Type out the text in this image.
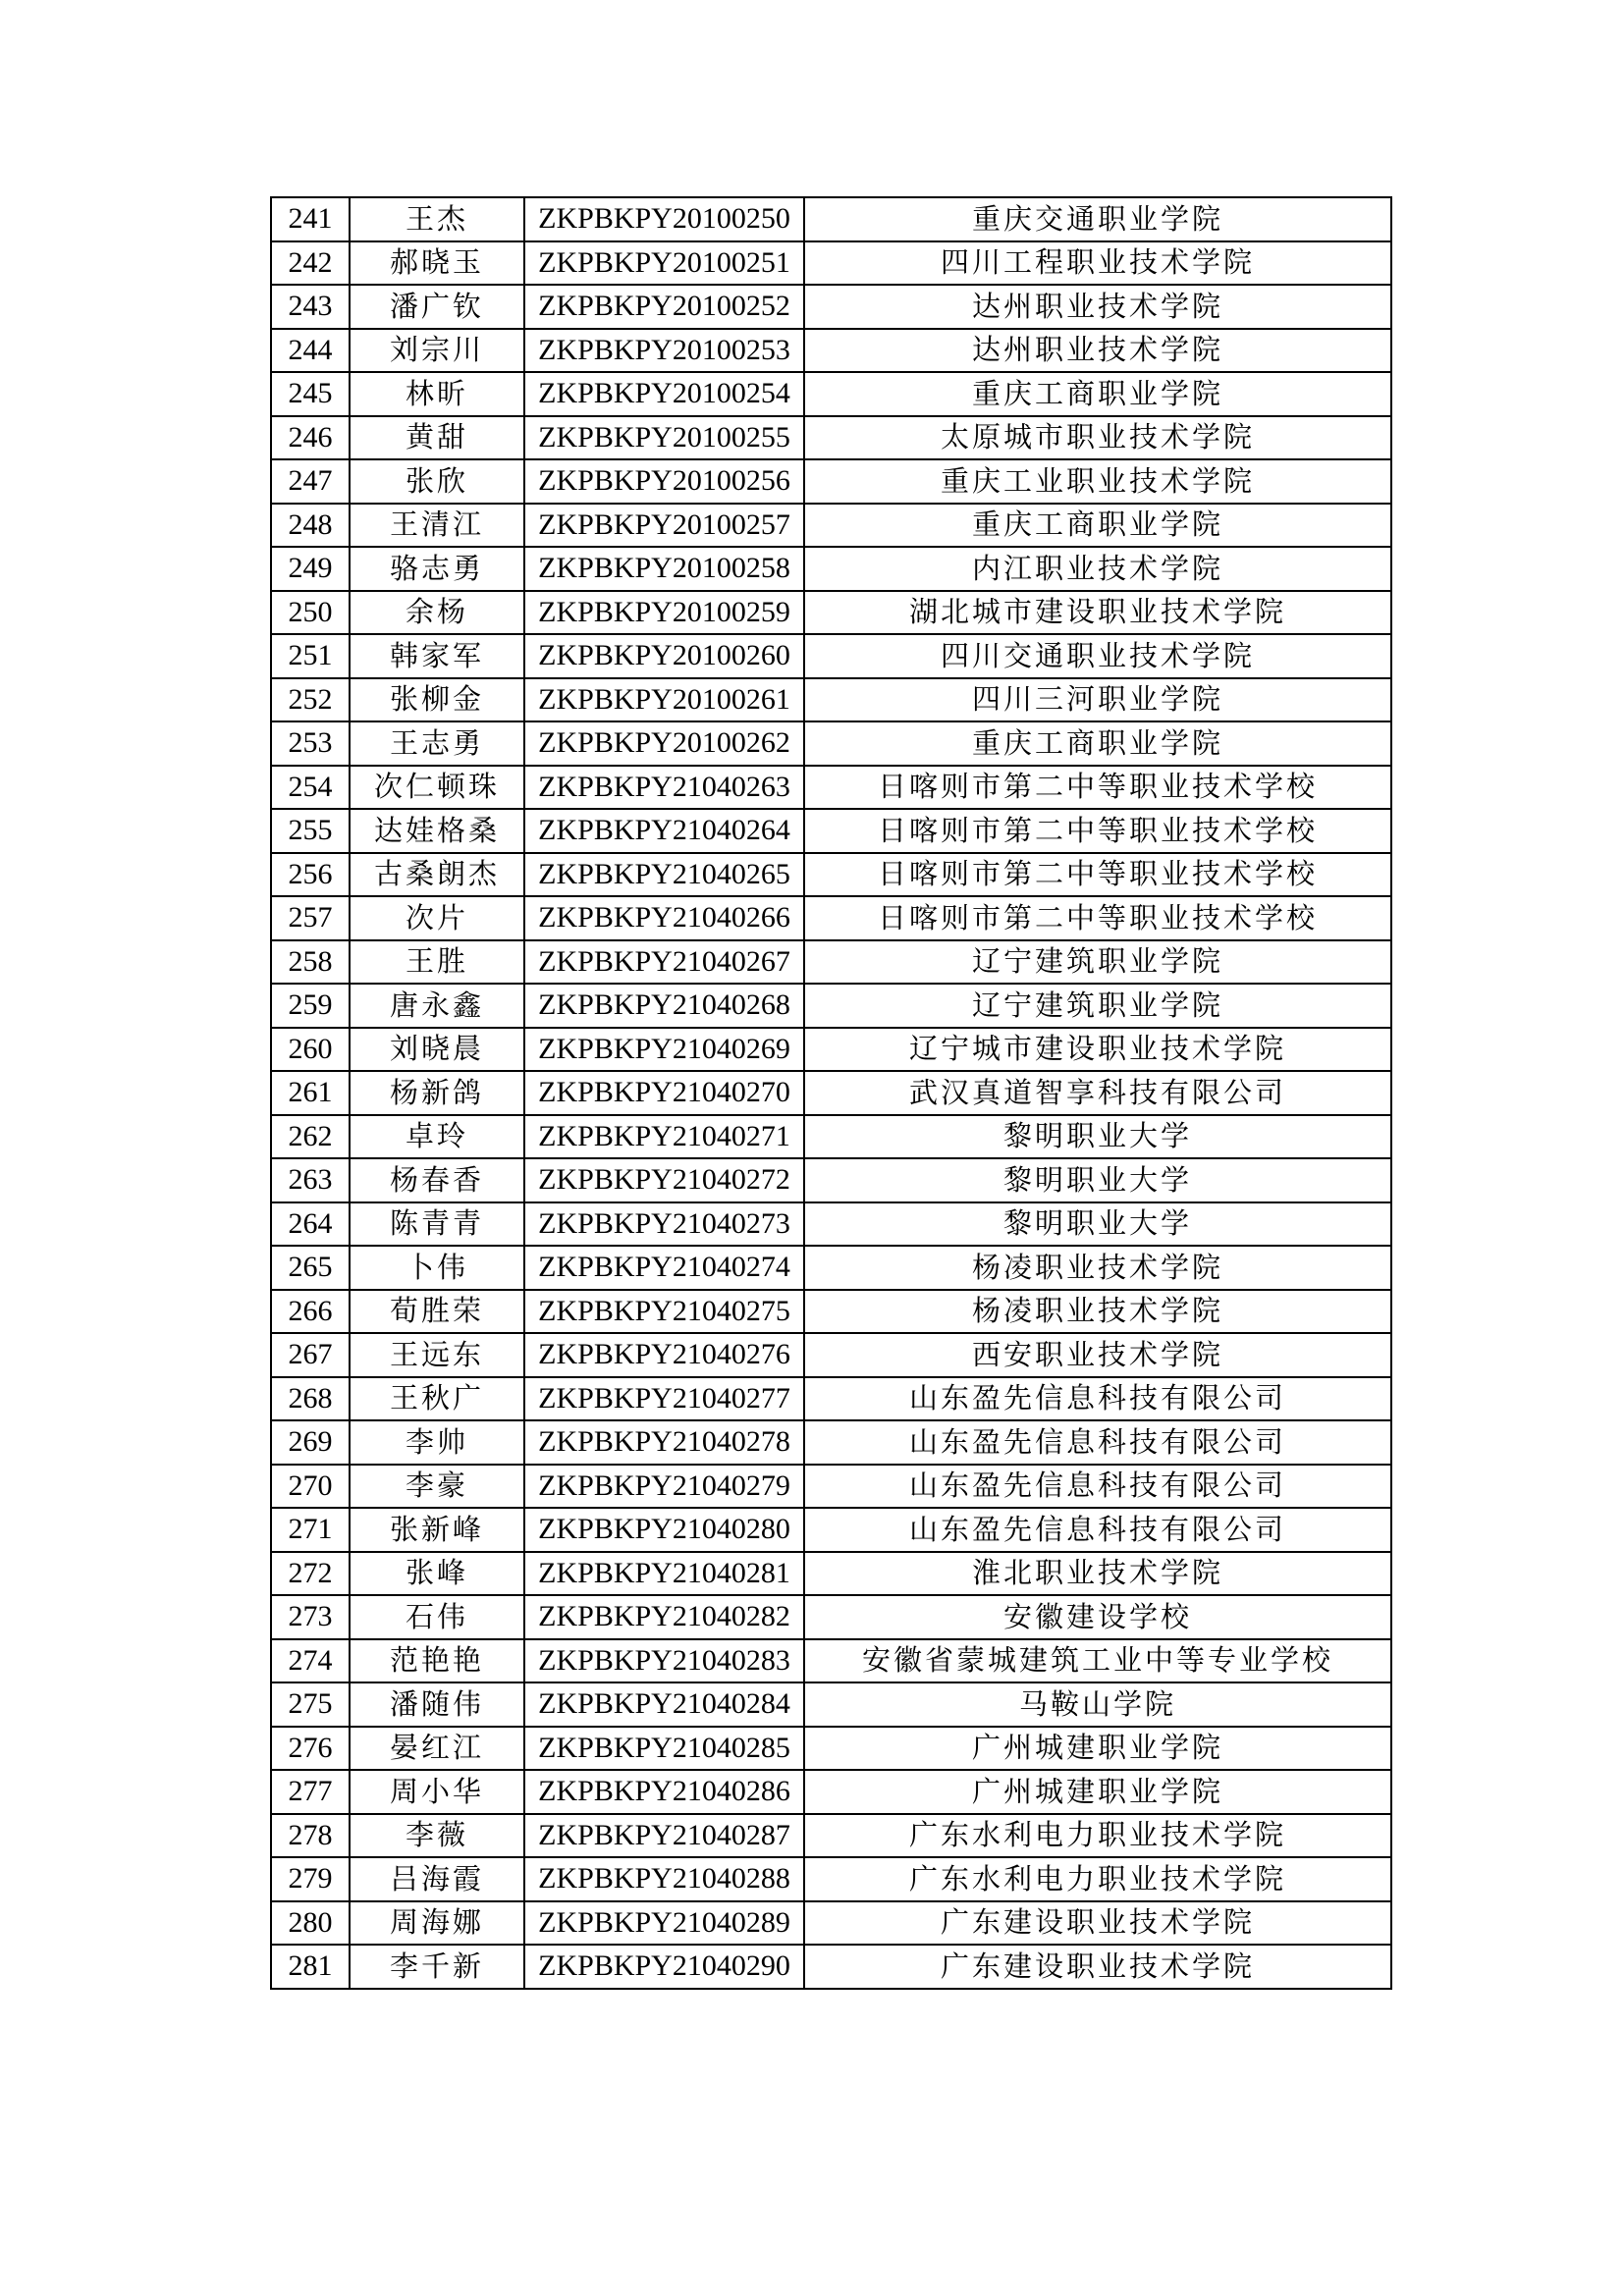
241	王杰	ZKPBKPY20100250	重庆交通职业学院
242	郝晓玉	ZKPBKPY20100251	四川工程职业技术学院
243	潘广钦	ZKPBKPY20100252	达州职业技术学院
244	刘宗川	ZKPBKPY20100253	达州职业技术学院
245	林昕	ZKPBKPY20100254	重庆工商职业学院
246	黄甜	ZKPBKPY20100255	太原城市职业技术学院
247	张欣	ZKPBKPY20100256	重庆工业职业技术学院
248	王清江	ZKPBKPY20100257	重庆工商职业学院
249	骆志勇	ZKPBKPY20100258	内江职业技术学院
250	余杨	ZKPBKPY20100259	湖北城市建设职业技术学院
251	韩家军	ZKPBKPY20100260	四川交通职业技术学院
252	张柳金	ZKPBKPY20100261	四川三河职业学院
253	王志勇	ZKPBKPY20100262	重庆工商职业学院
254	次仁顿珠	ZKPBKPY21040263	日喀则市第二中等职业技术学校
255	达娃格桑	ZKPBKPY21040264	日喀则市第二中等职业技术学校
256	古桑朗杰	ZKPBKPY21040265	日喀则市第二中等职业技术学校
257	次片	ZKPBKPY21040266	日喀则市第二中等职业技术学校
258	王胜	ZKPBKPY21040267	辽宁建筑职业学院
259	唐永鑫	ZKPBKPY21040268	辽宁建筑职业学院
260	刘晓晨	ZKPBKPY21040269	辽宁城市建设职业技术学院
261	杨新鸽	ZKPBKPY21040270	武汉真道智享科技有限公司
262	卓玲	ZKPBKPY21040271	黎明职业大学
263	杨春香	ZKPBKPY21040272	黎明职业大学
264	陈青青	ZKPBKPY21040273	黎明职业大学
265	卜伟	ZKPBKPY21040274	杨凌职业技术学院
266	荀胜荣	ZKPBKPY21040275	杨凌职业技术学院
267	王远东	ZKPBKPY21040276	西安职业技术学院
268	王秋广	ZKPBKPY21040277	山东盈先信息科技有限公司
269	李帅	ZKPBKPY21040278	山东盈先信息科技有限公司
270	李豪	ZKPBKPY21040279	山东盈先信息科技有限公司
271	张新峰	ZKPBKPY21040280	山东盈先信息科技有限公司
272	张峰	ZKPBKPY21040281	淮北职业技术学院
273	石伟	ZKPBKPY21040282	安徽建设学校
274	范艳艳	ZKPBKPY21040283	安徽省蒙城建筑工业中等专业学校
275	潘随伟	ZKPBKPY21040284	马鞍山学院
276	晏红江	ZKPBKPY21040285	广州城建职业学院
277	周小华	ZKPBKPY21040286	广州城建职业学院
278	李薇	ZKPBKPY21040287	广东水利电力职业技术学院
279	吕海霞	ZKPBKPY21040288	广东水利电力职业技术学院
280	周海娜	ZKPBKPY21040289	广东建设职业技术学院
281	李千新	ZKPBKPY21040290	广东建设职业技术学院
